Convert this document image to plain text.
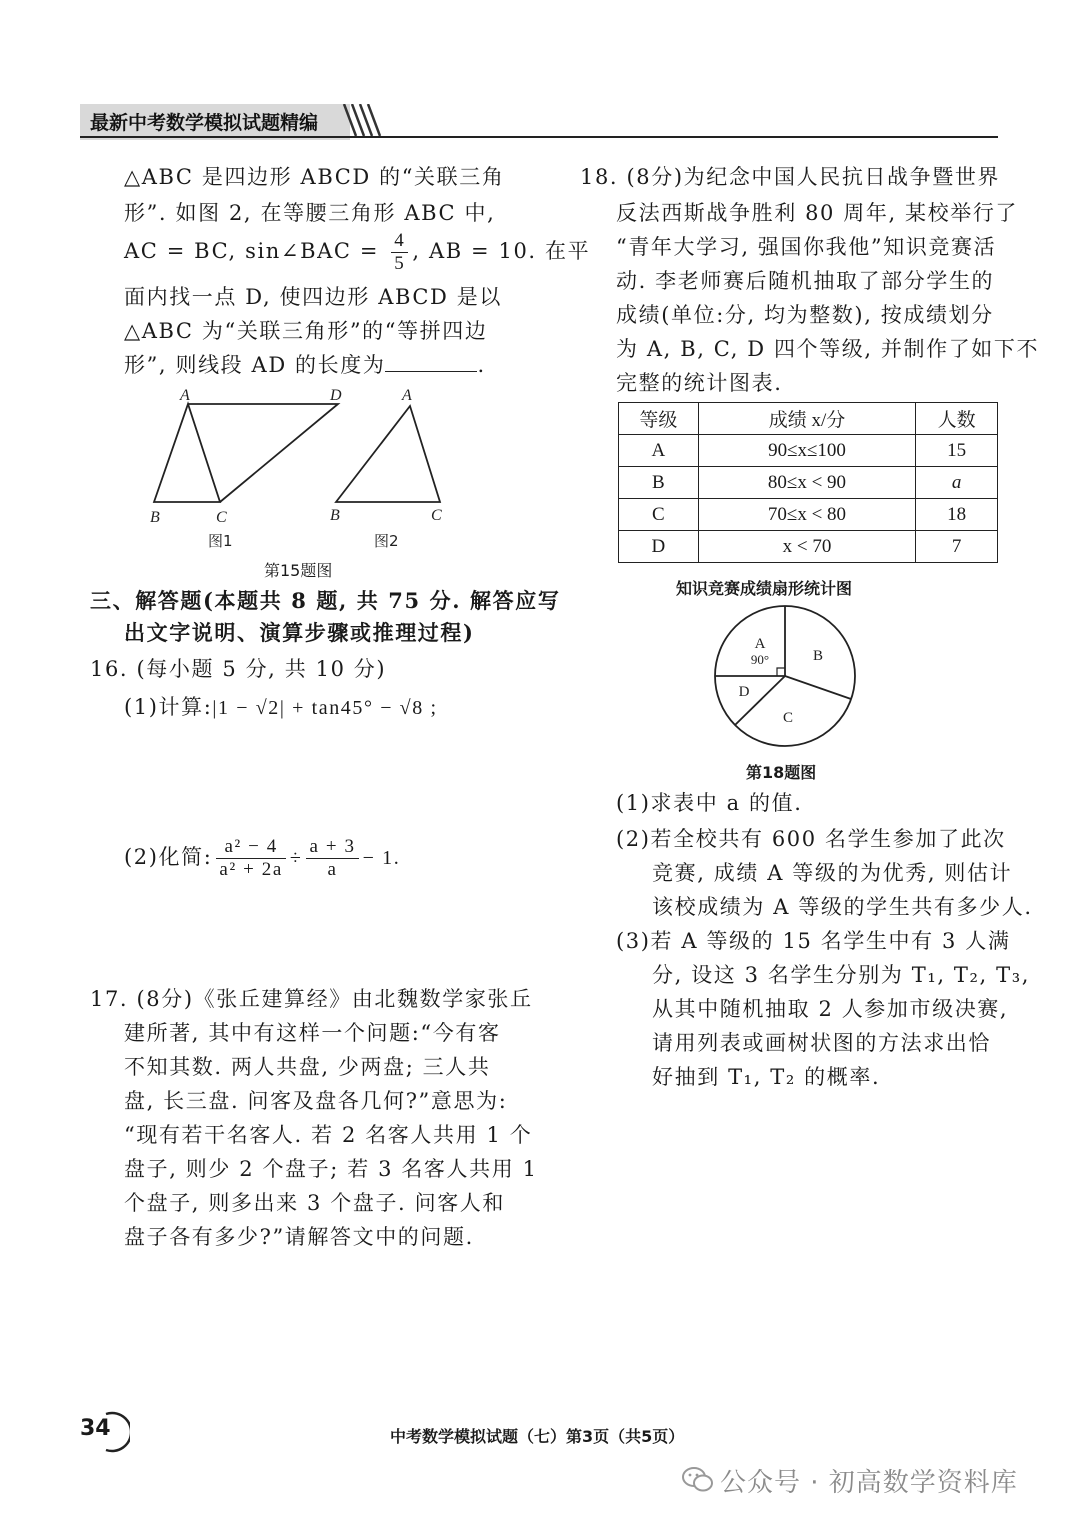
最新中考数学模拟试题精编
△ABC 是四边形 ABCD 的“关联三角
形”. 如图 2, 在等腰三角形 ABC 中,
AC = BC, sin∠BAC = $\frac{4}{5}$ , AB = 10. 在平
面内找一点 D, 使四边形 ABCD 是以
△ABC 为“关联三角形”的“等拼四边
形”, 则线段 AD 的长度为	.
A	D
B	C
A
B	C
图1	图2
第15题图
三、解答题(本题共 8 题, 共 75 分. 解答应写
出文字说明、演算步骤或推理过程)
16. (每小题 5 分, 共 10 分)
(1)计算:|1 − √2| + tan45° − √8 ;
(2)化简: $\frac{\text{a² − 4}}{\text{a² + 2a}} \div \frac{a + 3}{a} - 1$.
17. (8分)《张丘建算经》由北魏数学家张丘
建所著, 其中有这样一个问题:“今有客
不知其数. 两人共盘, 少两盘; 三人共
盘, 长三盘. 问客及盘各几何?”意思为:
“现有若干名客人. 若 2 名客人共用 1 个
盘子, 则少 2 个盘子; 若 3 名客人共用 1
个盘子, 则多出来 3 个盘子. 问客人和
盘子各有多少?”请解答文中的问题.
18. (8分)为纪念中国人民抗日战争暨世界
反法西斯战争胜利 80 周年, 某校举行了
“青年大学习, 强国你我他”知识竞赛活
动. 李老师赛后随机抽取了部分学生的
成绩(单位:分, 均为整数), 按成绩划分
为 A, B, C, D 四个等级, 并制作了如下不
完整的统计图表.
等级	成绩 x/分	人数
A	90≤x≤100	15
B	80≤x < 90	a
C	70≤x < 80	18
D	x < 70	7
知识竞赛成绩扇形统计图
A
90°	B
C
D
第18题图
(1)求表中 a 的值.
(2)若全校共有 600 名学生参加了此次
竞赛, 成绩 A 等级的为优秀, 则估计
该校成绩为 A 等级的学生共有多少人.
(3)若 A 等级的 15 名学生中有 3 人满
分, 设这 3 名学生分别为 T₁, T₂, T₃,
从其中随机抽取 2 人参加市级决赛,
请用列表或画树状图的方法求出恰
好抽到 T₁, T₂ 的概率.
34	中考数学模拟试题（七）第3页（共5页）
公众号 · 初高数学资料库
